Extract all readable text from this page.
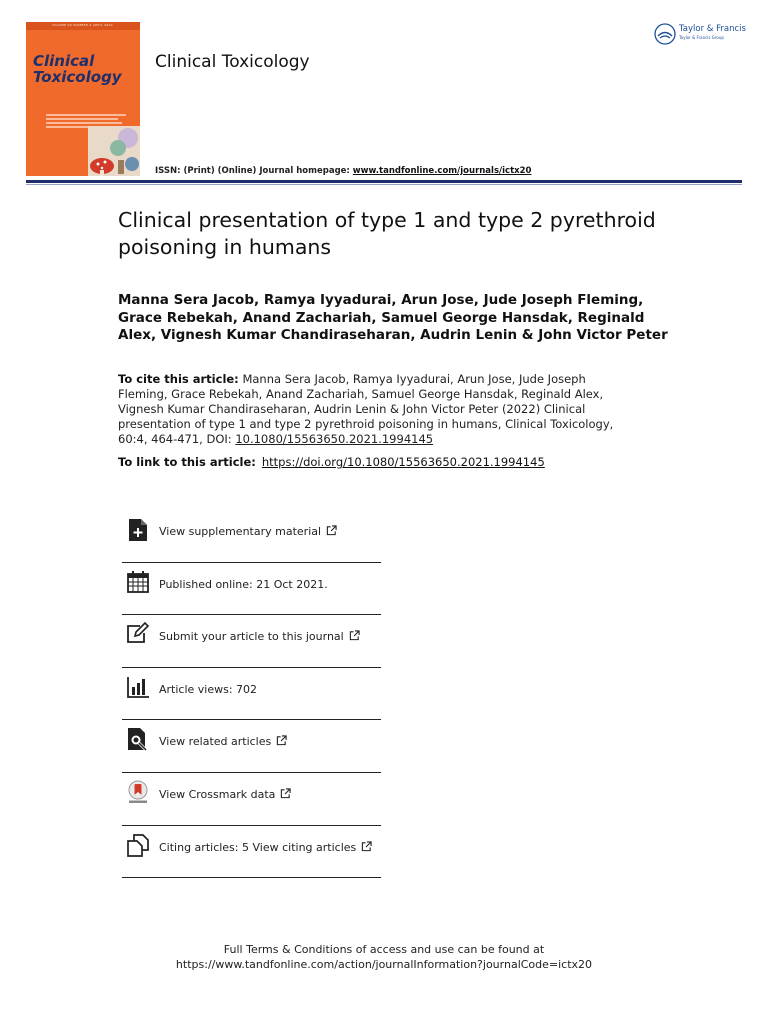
VOLUME 60 NUMBER 4 APRIL 2022
Clinical
Toxicology
Clinical Toxicology
ISSN: (Print) (Online) Journal homepage: www.tandfonline.com/journals/ictx20
Taylor & Francis
Taylor & Francis Group
Clinical presentation of type 1 and type 2 pyrethroid poisoning in humans
Manna Sera Jacob, Ramya Iyyadurai, Arun Jose, Jude Joseph Fleming, Grace Rebekah, Anand Zachariah, Samuel George Hansdak, Reginald Alex, Vignesh Kumar Chandiraseharan, Audrin Lenin & John Victor Peter
To cite this article: Manna Sera Jacob, Ramya Iyyadurai, Arun Jose, Jude Joseph Fleming, Grace Rebekah, Anand Zachariah, Samuel George Hansdak, Reginald Alex, Vignesh Kumar Chandiraseharan, Audrin Lenin & John Victor Peter (2022) Clinical presentation of type 1 and type 2 pyrethroid poisoning in humans, Clinical Toxicology, 60:4, 464-471, DOI: 10.1080/15563650.2021.1994145
To link to this article: https://doi.org/10.1080/15563650.2021.1994145
View supplementary material
Published online: 21 Oct 2021.
Submit your article to this journal
Article views: 702
View related articles
View Crossmark data
Citing articles: 5 View citing articles
Full Terms & Conditions of access and use can be found at
https://www.tandfonline.com/action/journalInformation?journalCode=ictx20
